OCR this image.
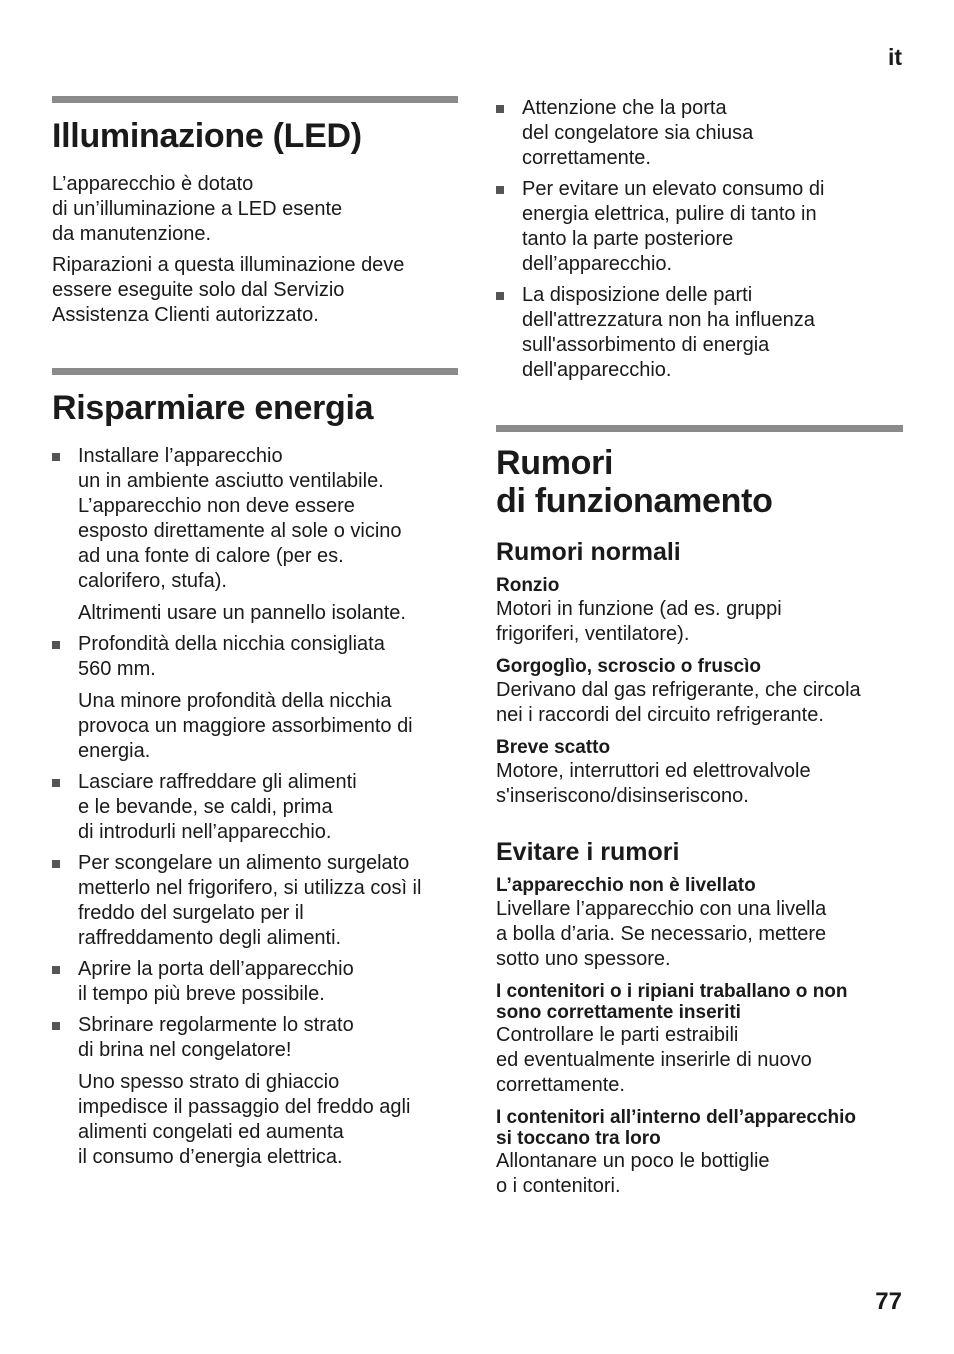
it
Illuminazione (LED)

L’apparecchio è dotato
di un’illuminazione a LED esente
da manutenzione.

Riparazioni a questa illuminazione deve
essere eseguite solo dal Servizio
Assistenza Clienti autorizzato.

Risparmiare energia
Installare l’apparecchio
un in ambiente asciutto ventilabile.
L’apparecchio non deve essere
esposto direttamente al sole o vicino
ad una fonte di calore (per es.
calorifero, stufa).
Altrimenti usare un pannello isolante.
Profondità della nicchia consigliata
560 mm.
Una minore profondità della nicchia
provoca un maggiore assorbimento di
energia.
Lasciare raffreddare gli alimenti
e le bevande, se caldi, prima
di introdurli nell’apparecchio.
Per scongelare un alimento surgelato
metterlo nel frigorifero, si utilizza così il
freddo del surgelato per il
raffreddamento degli alimenti.
Aprire la porta dell’apparecchio
il tempo più breve possibile.
Sbrinare regolarmente lo strato
di brina nel congelatore!
Uno spesso strato di ghiaccio
impedisce il passaggio del freddo agli
alimenti congelati ed aumenta
il consumo d’energia elettrica.
Attenzione che la porta
del congelatore sia chiusa
correttamente.
Per evitare un elevato consumo di
energia elettrica, pulire di tanto in
tanto la parte posteriore
dell’apparecchio.
La disposizione delle parti
dell'attrezzatura non ha influenza
sull'assorbimento di energia
dell'apparecchio.
Rumori
di funzionamento
Rumori normali
Ronzio

Motori in funzione (ad es. gruppi
frigoriferi, ventilatore).

Gorgoglìo, scroscio o fruscìo

Derivano dal gas refrigerante, che circola
nei i raccordi del circuito refrigerante.

Breve scatto

Motore, interruttori ed elettrovalvole
s'inseriscono/disinseriscono.

Evitare i rumori
L’apparecchio non è livellato

Livellare l’apparecchio con una livella
a bolla d’aria. Se necessario, mettere
sotto uno spessore.

I contenitori o i ripiani traballano o non
sono correttamente inseriti

Controllare le parti estraibili
ed eventualmente inserirle di nuovo
correttamente.

I contenitori all’interno dell’apparecchio
si toccano tra loro

Allontanare un poco le bottiglie
o i contenitori.

77
